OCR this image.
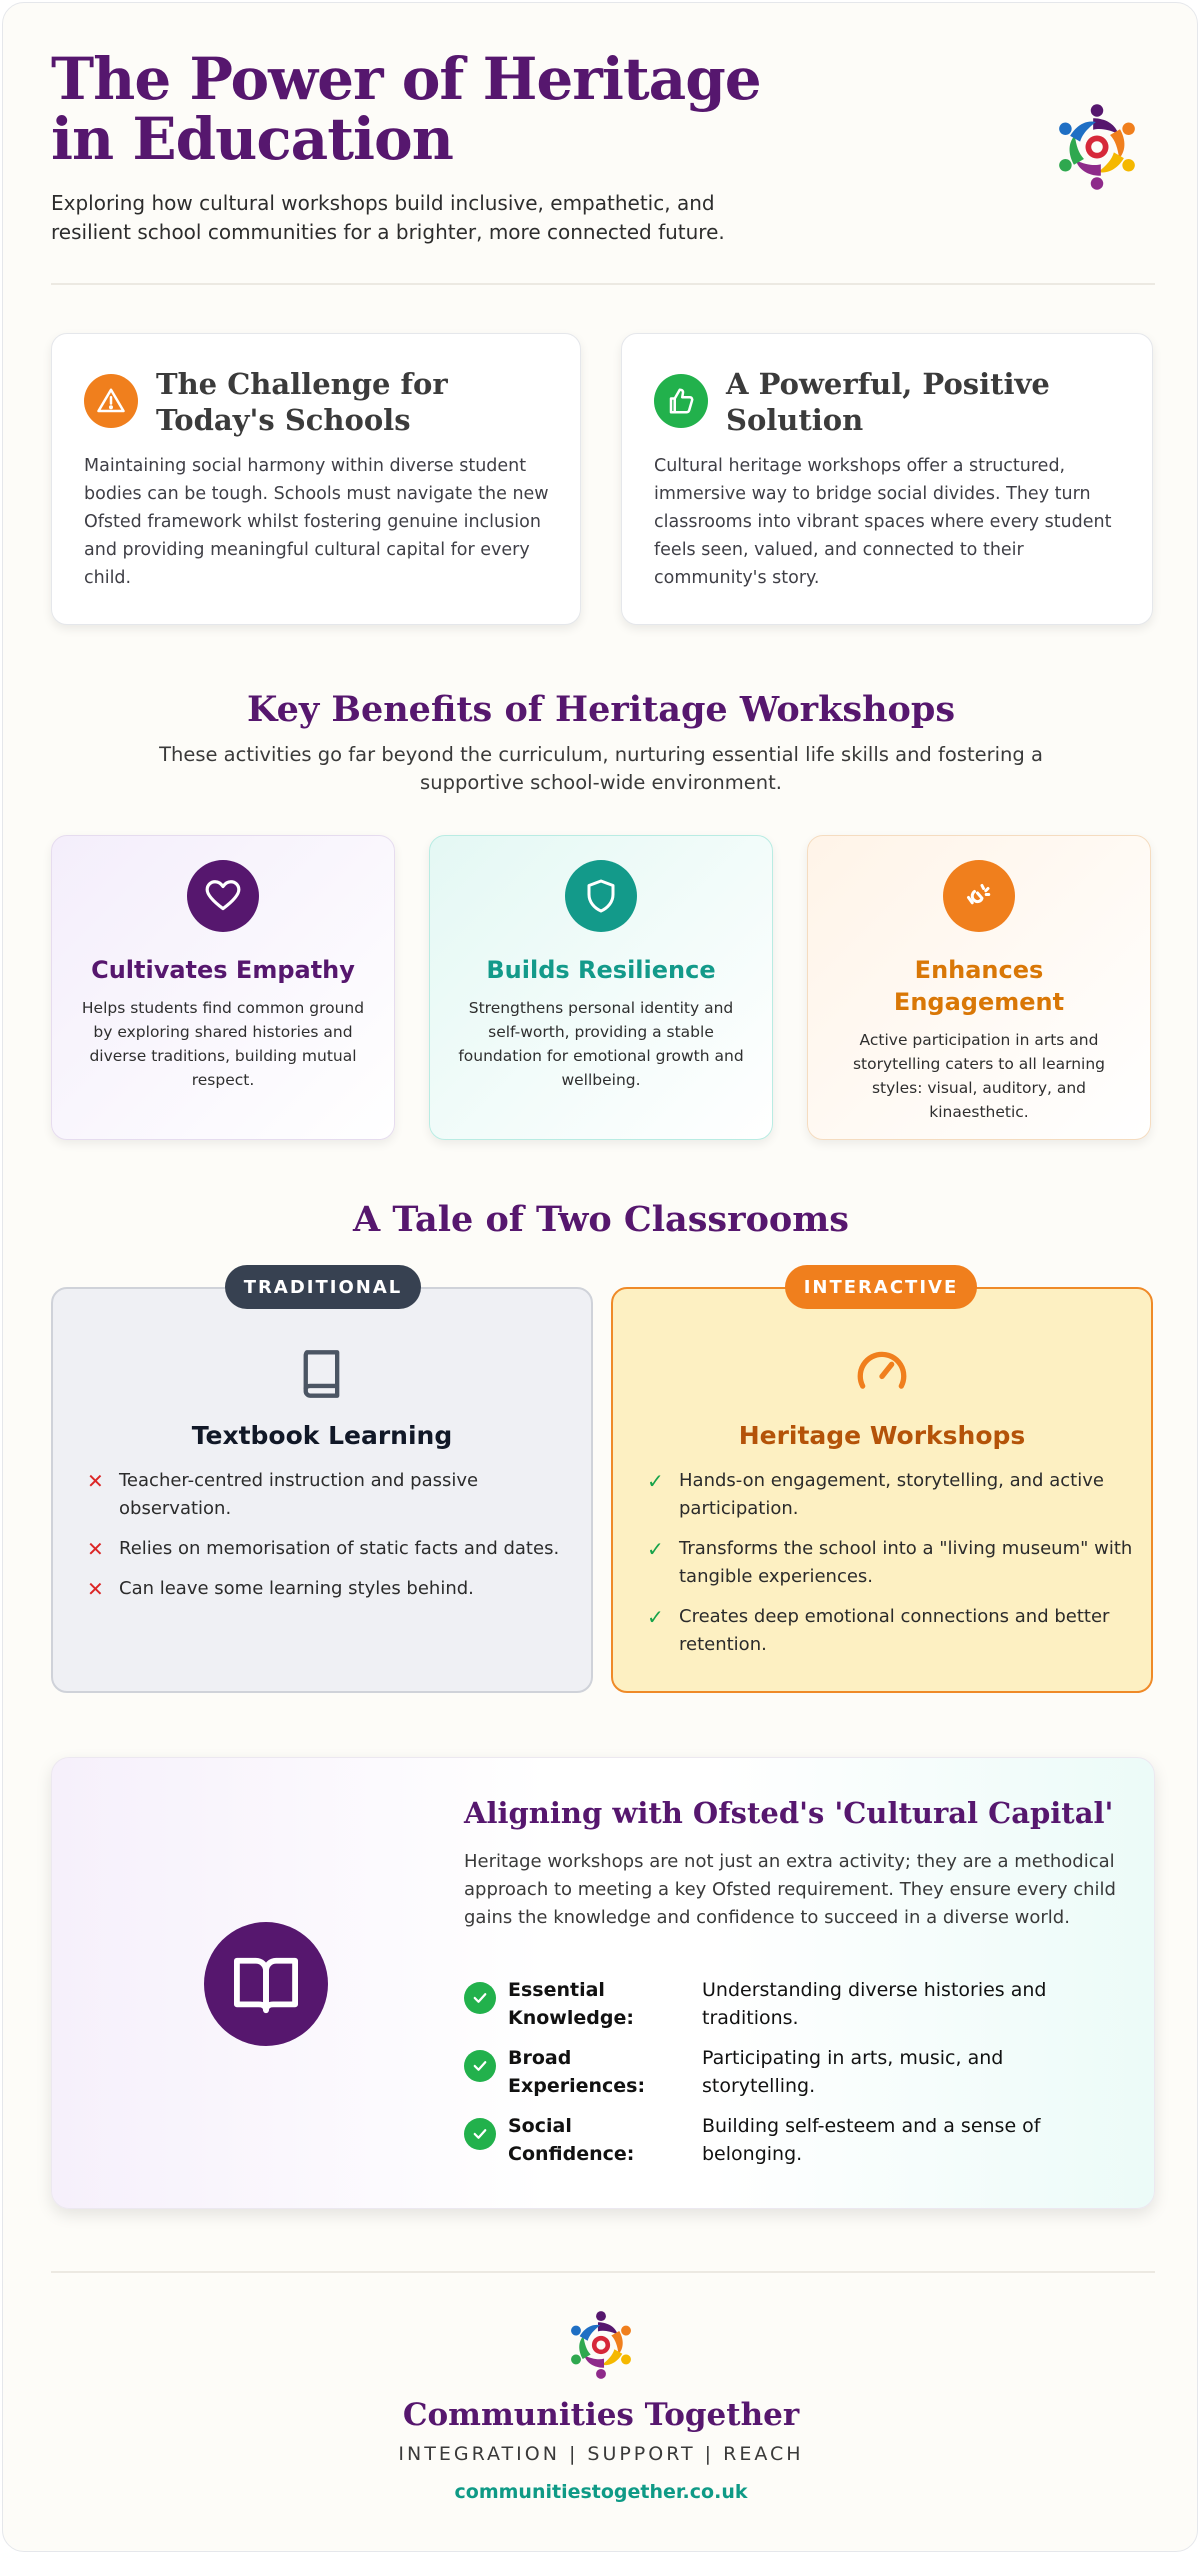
The Power of Heritage in Education

Exploring how cultural workshops build inclusive, empathetic, and resilient school communities for a brighter, more connected future.

The Challenge for Today's Schools

Maintaining social harmony within diverse student bodies can be tough. Schools must navigate the new Ofsted framework whilst fostering genuine inclusion and providing meaningful cultural capital for every child.

A Powerful, Positive Solution

Cultural heritage workshops offer a structured, immersive way to bridge social divides. They turn classrooms into vibrant spaces where every student feels seen, valued, and connected to their community's story.

Key Benefits of Heritage Workshops

These activities go far beyond the curriculum, nurturing essential life skills and fostering a supportive school-wide environment.

Cultivates Empathy
Helps students find common ground by exploring shared histories and diverse traditions, building mutual respect.
Builds Resilience
Strengthens personal identity and self-worth, providing a stable foundation for emotional growth and wellbeing.
Enhances Engagement
Active participation in arts and storytelling caters to all learning styles: visual, auditory, and kinaesthetic.
A Tale of Two Classrooms
Textbook Learning
✕ Teacher-centred instruction and passive observation.
✕ Relies on memorisation of static facts and dates.
✕ Can leave some learning styles behind.
TRADITIONAL
Heritage Workshops
✓ Hands-on engagement, storytelling, and active participation.
✓ Transforms the school into a "living museum" with tangible experiences.
✓ Creates deep emotional connections and better retention.
INTERACTIVE
Aligning with Ofsted's 'Cultural Capital'

Heritage workshops are not just an extra activity; they are a methodical approach to meeting a key Ofsted requirement. They ensure every child gains the knowledge and confidence to succeed in a diverse world.

Essential Knowledge:
Understanding diverse histories and traditions.
Broad Experiences:
Participating in arts, music, and storytelling.
Social Confidence:
Building self-esteem and a sense of belonging.
Communities Together
INTEGRATION | SUPPORT | REACH
communitiestogether.co.uk
